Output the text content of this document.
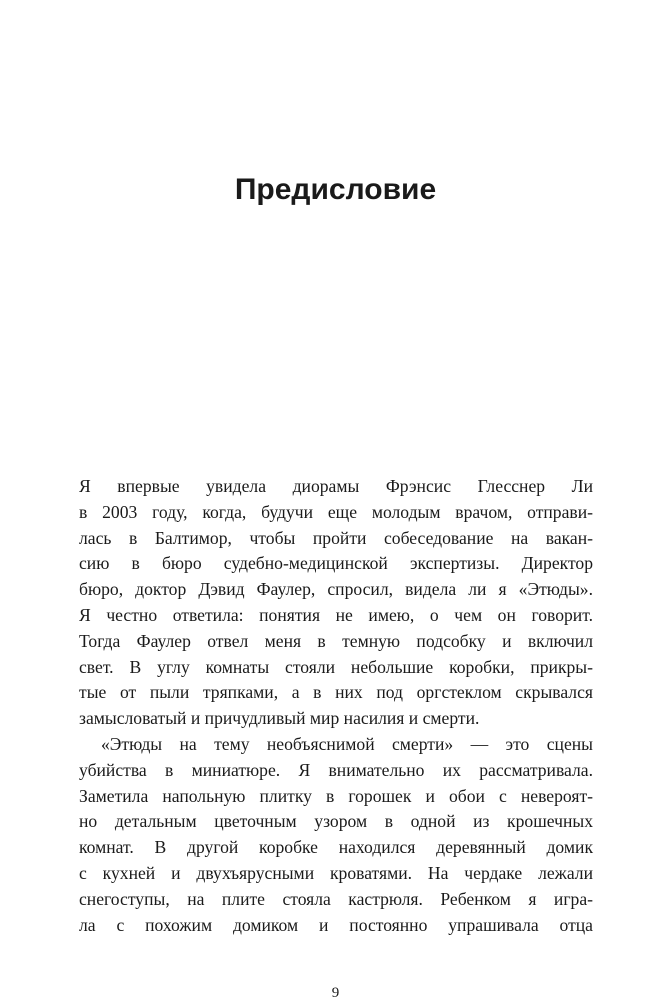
Предисловие
Я впервые увидела диорамы Фрэнсис Глесснер Ли
в 2003 году, когда, будучи еще молодым врачом, отправи-
лась в Балтимор, чтобы пройти собеседование на вакан-
сию в бюро судебно-медицинской экспертизы. Директор
бюро, доктор Дэвид Фаулер, спросил, видела ли я «Этюды».
Я честно ответила: понятия не имею, о чем он говорит.
Тогда Фаулер отвел меня в темную подсобку и включил
свет. В углу комнаты стояли небольшие коробки, прикры-
тые от пыли тряпками, а в них под оргстеклом скрывался
замысловатый и причудливый мир насилия и смерти.
«Этюды на тему необъяснимой смерти» — это сцены
убийства в миниатюре. Я внимательно их рассматривала.
Заметила напольную плитку в горошек и обои с невероят-
но детальным цветочным узором в одной из крошечных
комнат. В другой коробке находился деревянный домик
с кухней и двухъярусными кроватями. На чердаке лежали
снегоступы, на плите стояла кастрюля. Ребенком я игра-
ла с похожим домиком и постоянно упрашивала отца
9
